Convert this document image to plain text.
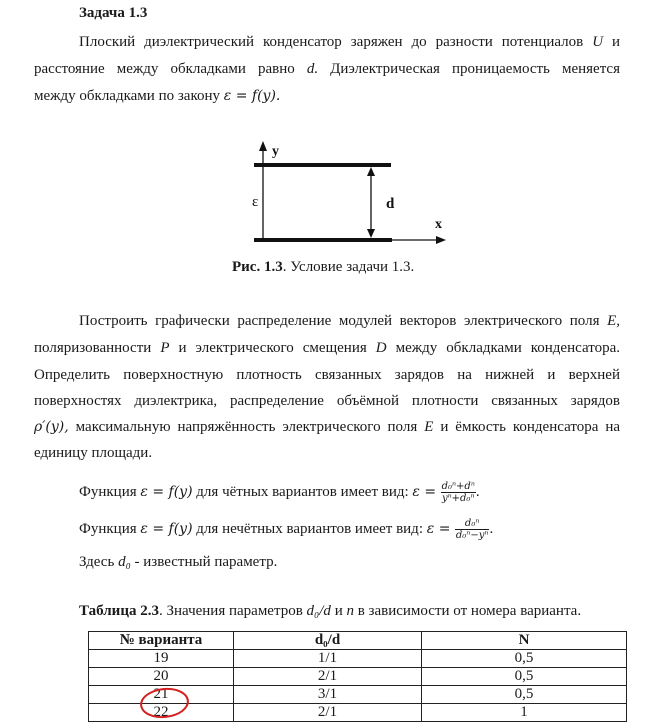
Задача 1.3
Плоский диэлектрический конденсатор заряжен до разности потенциалов U и
расстояние между обкладками равно d. Диэлектрическая проницаемость меняется
между обкладками по закону ε = f(y).
y
x
ε	d
Рис. 1.3. Условие задачи 1.3.
Построить графически распределение модулей векторов электрического поля E,
поляризованности P и электрического смещения D между обкладками конденсатора.
Определить поверхностную плотность связанных зарядов на нижней и верхней
поверхностях диэлектрика, распределение объёмной плотности связанных зарядов
ρ′(y), максимальную напряжённость электрического поля E и ёмкость конденсатора на
единицу площади.
Функция ε = f(y) для чётных вариантов имеет вид: $\varepsilon = \frac{\text{d₀ⁿ+dⁿ}}{\text{yⁿ+d₀ⁿ}}$ .
Функция ε = f(y) для нечётных вариантов имеет вид: $\varepsilon = \frac{\text{d₀ⁿ}}{\text{d₀ⁿ−yⁿ}}$ .
Здесь d₀ - известный параметр.
Таблица 2.3. Значения параметров d₀/d и n в зависимости от номера варианта.
№ варианта	d₀/d	N
19	1/1	0,5
20	2/1	0,5
21	3/1	0,5
22	2/1	1
